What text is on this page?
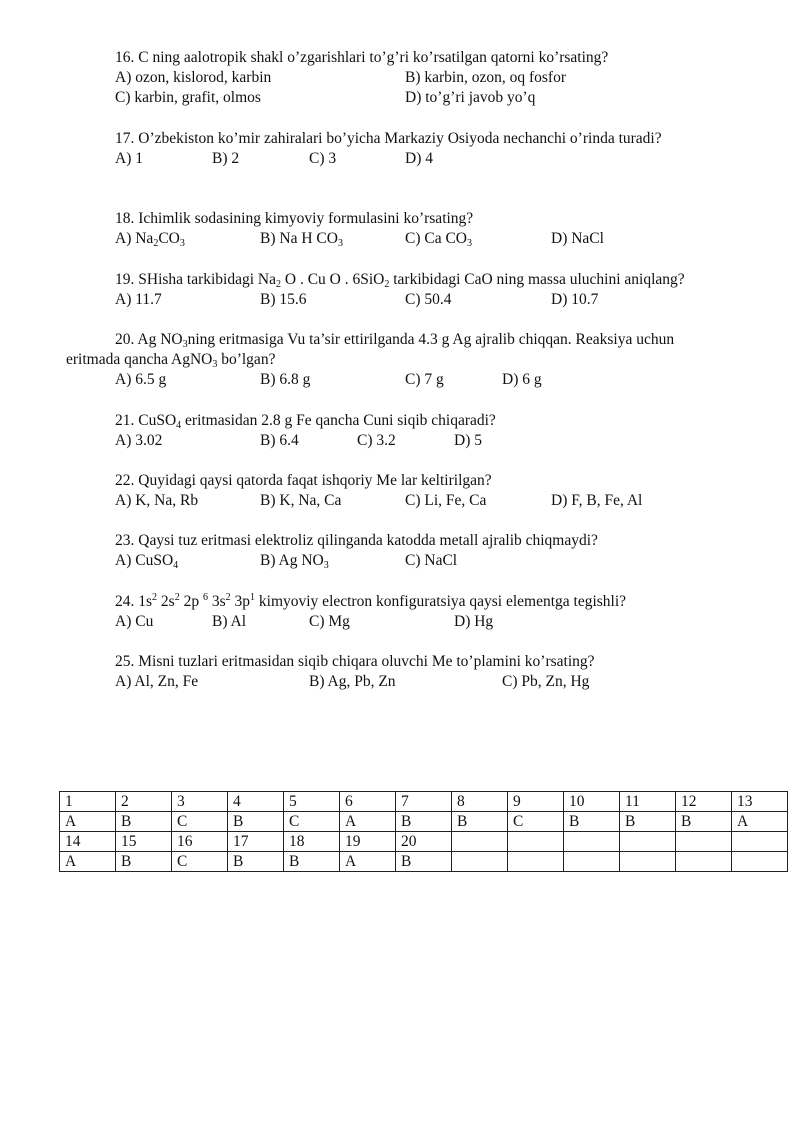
16. C ning aalotropik shakl o’zgarishlari to’g’ri ko’rsatilgan qatorni ko’rsating?
A) ozon, kislorod, karbin	B) karbin, ozon, oq fosfor
C) karbin, grafit, olmos	D) to’g’ri javob yo’q
17. O’zbekiston ko’mir zahiralari bo’yicha Markaziy Osiyoda nechanchi o’rinda turadi?
A) 1	B) 2	C) 3	D) 4
18. Ichimlik sodasining kimyoviy formulasini ko’rsating?
A) $Na_2CO_3$	B) Na H $CO_3$	C) Ca $CO_3$	D) NaCl
19. SHisha tarkibidagi $Na_2$ O . Cu O . 6SiO$_2$ tarkibidagi CaO ning massa uluchini aniqlang?
A) 11.7	B) 15.6	C) 50.4	D) 10.7
20. Ag $NO_3ning$ eritmasiga Vu ta’sir ettirilganda 4.3 g Ag ajralib chiqqan. Reaksiya uchun
eritmada qancha AgNO$_3$ bo’lgan?
A) 6.5 g	B) 6.8 g	C) 7 g	D) 6 g
21. CuSO$_4$ eritmasidan 2.8 g Fe qancha Cuni siqib chiqaradi?
A) 3.02	B) 6.4	C) 3.2	D) 5
22. Quyidagi qaysi qatorda faqat ishqoriy Me lar keltirilgan?
A) K, Na, Rb	B) K, Na, Ca	C) Li, Fe, Ca	D) F, B, Fe, Al
23. Qaysi tuz eritmasi elektroliz qilinganda katodda metall ajralib chiqmaydi?
A) CuSO$_4$	B) Ag $NO_3$	C) NaCl
24. $1s^2$ $2s^2$ 2p $^6$ $3s^2$ $3p^1$ kimyoviy electron konfiguratsiya qaysi elementga tegishli?
A) Cu	B) Al	C) Mg	D) Hg
25. Misni tuzlari eritmasidan siqib chiqara oluvchi Me to’plamini ko’rsating?
A) Al, Zn, Fe	B) Ag, Pb, Zn	C) Pb, Zn, Hg
1	2	3	4	5	6	7	8	9	10	11	12	13
A	B	C	B	C	A	B	B	C	B	B	B	A
14	15	16	17	18	19	20						
A	B	C	B	B	A	B						
